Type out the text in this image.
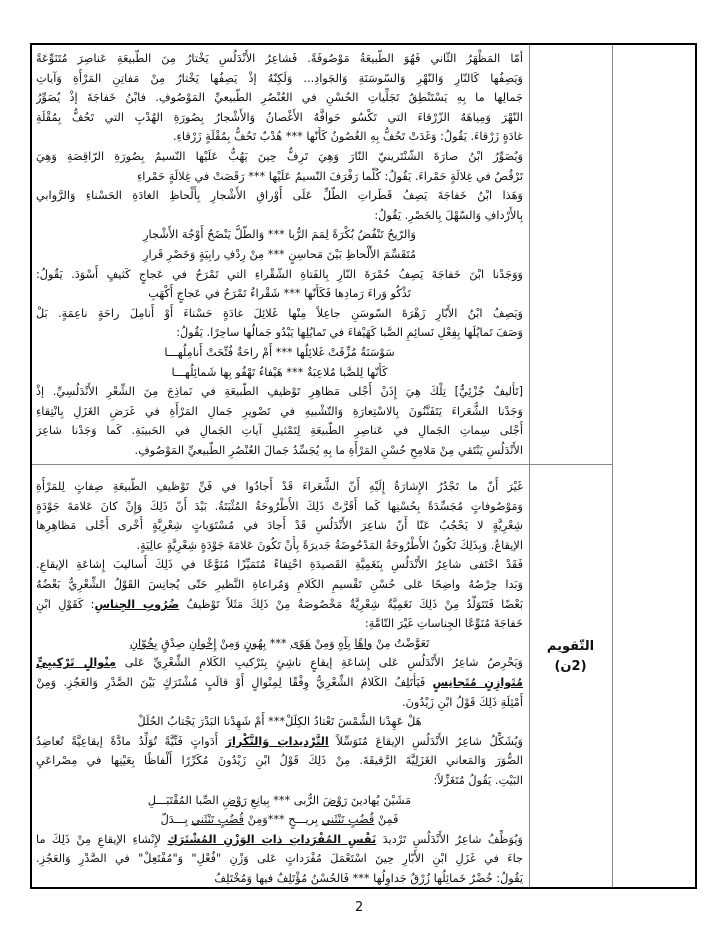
أمّا المَظْهَرُ الثّاني فَهُوَ الطّبيعَةُ مَوْصُوفَةً. فَشاعِرُ الأَنْدَلُسِ يَخْتارُ مِنَ الطّبيعَةِ عَناصِرَ مُتَنَوِّعَةً
وَيَصِفُها كَالنّارِ وَالنّهْرِ وَالسّوسَنَةِ وَالجَوادِ... وَلَكِنّهُ إذْ يَصِفُها يَخْتارُ مِنْ مَفاتِنِ المَرْأَةِ وَآياتِ
جَمالِها ما بِهِ يَسْتَنْطِقُ تَجَلِّياتِ الحُسْنِ في العُنْصُرِ الطّبيعيِّ المَوْصُوفِ. فابْنُ خَفاجَةَ إذْ يُصَوِّرُ
النّهْرَ وَمِياهَهُ الزّرْقاءَ التي تَكْسُو حَوافَّهُ الأَغْصانُ وَالأَشْجارُ بِصُورَةِ الهُدْبِ التي تَحُفُّ بِمُقْلَةِ
غادَةٍ زَرْقاءَ. يَقُولُ: وَغَدَتْ تَحُفُّ بِهِ الغُصُونُ كَأَنّها *** هُدْبٌ تَحُفُّ بِمُقْلَةٍ زَرْقاءِ.
وَيُصَوِّرُ ابْنُ صارَةَ الشّنْتَرينيّ النّارَ وَهِيَ تَرِفُّ حِينَ يَهُبُّ عَلَيْها النّسيمُ بِصُورَةِ الرّاقِصَةِ وَهِيَ
تَرْقُصُ في غِلالَةٍ حَمْراءَ. يَقُولُ: كُلّما رَفْرَفَ النّسيمُ عَلَيْها *** رَقَصَتْ في غِلالَةٍ حَمْراءِ
وَهَذا ابْنُ خَفاجَةَ يَصِفُ قَطَراتِ الطّلِّ عَلَى أَوْراقِ الأَشْجارِ بِأَلْحاظِ الغادَةِ الحَسْناءِ وَالرَّوابي
بِالأَرْدافِ وَالسّهْلَ بِالخَصْرِ. يَقُولُ:
وَالرّيحُ تَنْفُضُ بُكْرَةً لِمَمَ الرُّبا *** وَالطّلُّ يَنْضَحُ أَوْجُهَ الأَشْجارِ
مُتَقَسِّمَ الأَلْحاظِ بَيْنَ مَحاسِنٍ *** مِنْ رِدْفِ رابِيَةٍ وَخَصْرِ قَرارِ
وَوَجَدْنا ابْنَ خَفاجَةَ يَصِفُ حُمْرَةَ النّارِ بِالفَتاةِ الشّقْراءِ التي تَمْرَحُ في عَجاجٍ كَثيفٍ أَسْوَدَ. يَقُولُ:
تَذْكُو وَراءَ رَمادِها فَكَأَنّها *** شَقْراءُ تَمْرَحُ في عَجاجٍ أَكْهَبِ
وَيَصِفُ ابْنُ الأَبّارِ زَهْرَةَ السّوسَنِ جاعِلاً مِنْها غَلائِلَ غادَةٍ حَسْناءَ أَوْ أَنامِلَ راحَةٍ ناعِمَةٍ. بَلْ
وَصَفَ تَمايُلَها بِفِعْلِ نَسائِمِ الصَّبا كَهَيْفاءَ في تَمايُلِها يَبْدُو جَمالُها ساحِرًا. يَقُولُ:
سَوْسَنَةٌ مُزِّقَتْ غَلائِلُها *** أَمْ راحَةٌ فُتِّحَتْ أَنامِلُهـــا
كَأَنّها لِلصَّبا مُلاعِبَةٌ *** هَيْفاءُ تَهْفُو بِها شَمائِلُهـــا
[تَأْليفٌ جُزْئِيٌّ] تِلْكَ هِيَ إِذَنْ أَجْلى مَظاهِرِ تَوْظيفِ الطّبيعَةِ في نَماذِجَ مِنَ الشِّعْرِ الأَنْدَلُسِيِّ. إذْ
وَجَدْنا الشُّعَراءَ يَتَفَنَّنُونَ بِالاسْتِعارَةِ وَالتّشْبيهِ في تَصْويرِ جَمالِ المَرْأَةِ في غَرَضِ الغَزَلِ بِانْتِقاءِ
أَجْلى سِماتِ الجَمالِ في عَناصِرِ الطّبيعَةِ لِتَمْثيلِ آياتِ الجَمالِ في الحَبيبَةِ. كَما وَجَدْنا شاعِرَ
الأَنْدَلُسِ يَنْتَقي مِنْ مَلامِحِ حُسْنِ المَرْأَةِ ما بِهِ يُجَسِّدُ جَمالَ العُنْصُرِ الطّبيعيِّ المَوْصُوفِ.
غَيْرَ أَنّ ما تَجْدُرُ الإِشارَةُ إِلَيْهِ أَنّ الشُّعَراءَ قَدْ أَجادُوا في فَنِّ تَوْظيفِ الطّبيعَةِ صِفاتٍ لِلمَرْأَةِ
وَمَوْصُوفاتٍ مُجَسِّدَةً بِحُسْنِها كَما أَقَرَّتْ ذَلِكَ الأُطْرُوحَةُ المُثْبَتَةُ. بَيْدَ أَنّ ذَلِكَ وَإِنْ كانَ عَلامَةَ جَوْدَةٍ
شِعْرِيَّةٍ لا يَحْجُبُ عَنّا أَنّ شاعِرَ الأَنْدَلُسِ قَدْ أَجادَ في مُسْتَوَياتٍ شِعْرِيَّةٍ أُخْرى أَجْلى مَظاهِرِها
الإيقاعُ. وَبِذَلِكَ تَكُونُ الأُطْرُوحَةُ المَدْحُوضَةُ جَديرَةً بِأَنْ تَكُونَ عَلامَةَ جَوْدَةٍ شِعْرِيَّةٍ عالِيَةٍ.
فَقَدْ احْتَفى شاعِرُ الأَنْدَلُسِ بِنَغَمِيَّةِ القَصيدَةِ احْتِفاءً مُتَمَيِّزًا مُنَوَّعًا في ذَلِكَ أَساليبَ إِشاعَةِ الإيقاعِ.
وَبَدا حِرْصُهُ واضِحًا عَلى حُسْنِ تَقْسيمِ الكَلامِ وَمُراعاةِ النَّظيرِ حَتّى يُجانِسَ القَوْلُ الشِّعْرِيُّ بَعْضُهُ
بَعْضًا فَتَتَوَلَّدُ مِنْ ذَلِكَ نَغَمِيَّةٌ شِعْرِيَّةٌ مَخْصُوصَةٌ مِنْ ذَلِكَ مَثَلاً تَوْظيفُ ضُرُوبِ الجِناسِ: كَقَوْلِ ابْنِ
خَفاجَةَ مُنَوِّعًا الجِناساتِ غَيْرَ التّامَّةِ:
تَعَوَّضْتُ مِنْ واهًا بِآهٍ وَمِنْ هَوًى *** بِهُونٍ وَمِنْ إِخْوانِ صِدْقٍ بِخُوّانِ
وَيَحْرِصُ شاعِرُ الأَنْدَلُسِ عَلى إِشاعَةِ إيقاعٍ ناشِئٍ بِتَرْكيبِ الكَلامِ الشِّعْرِيِّ عَلى مِنْوالٍ تَرْكيبِيٍّ
مُتَوازِنٍ مُتَجانِسٍ فَيَأْتَلِفُ الكَلامُ الشِّعْرِيُّ وِفْقًا لِمِنْوالٍ أَوْ قالَبٍ مُشْتَرَكٍ بَيْنَ الصَّدْرِ وَالعَجُزِ. وَمِنْ
أَمْثِلَةِ ذَلِكَ قَوْلُ ابْنِ زَيْدُونَ.
هَلْ عَهِدْنا الشَّمْسَ تَعْتادُ الكِلَلْ*** أَمْ شَهِدْنا البَدْرَ يَجْتابُ الحُلَلْ
وَيُشَكِّلُ شاعِرُ الأَنْدَلُسِ الإيقاعَ مُتَوَسِّلاً التَّرْديداتِ وَالتَّكْرارَ أَدَواتٍ فَنِّيَّةً تُوَلِّدُ مادَّةً إيقاعِيَّةً تُعاضِدُ
الصُّوَرَ وَالمَعاني الغَزَلِيَّةَ الرَّقيقَةَ. مِنْ ذَلِكَ قَوْلُ ابْنِ زَيْدُونَ مُكَرِّرًا أَلْفاظًا بِعَيْنِها في مِصْراعَيِ
البَيْتِ. يَقُولُ مُتَغَزِّلاً:
مَشَيْنَ يُهادينَ رَوْضَ الرُّبى *** بِيانِعِ رَوْضِ الصِّبا المُقْتَبَـــلِ
فَمِنْ قُضُبٍ تَنْثَني بِريـــحٍ ***وَمِنْ قُضُبٍ تَنْثَني بِـــدَلّ
وَيُوَظِّفُ شاعِرُ الأَنْدَلُسِ تَرْديدَ نَفْسِ المُفْرَداتِ ذاتِ الوَزْنِ المُشْتَرَكِ لإِنْشاءِ الإيقاعِ مِنْ ذَلِكَ ما
جاءَ في غَزَلِ ابْنِ الأَبّارِ حِينَ اسْتَعْمَلَ مُفْرَداتٍ عَلى وَزْنِ "فُعْلِ" وَ"مُفْتَعِلْ" في الصَّدْرِ وَالعَجُزِ.
يَقُولُ: خُضْرٌ خَمائِلُها زُرْقٌ جَداوِلُها *** فَالحُسْنُ مُؤْتَلِفٌ فيها وَمُخْتَلِفُ
التّقويم
(2ن)
2
